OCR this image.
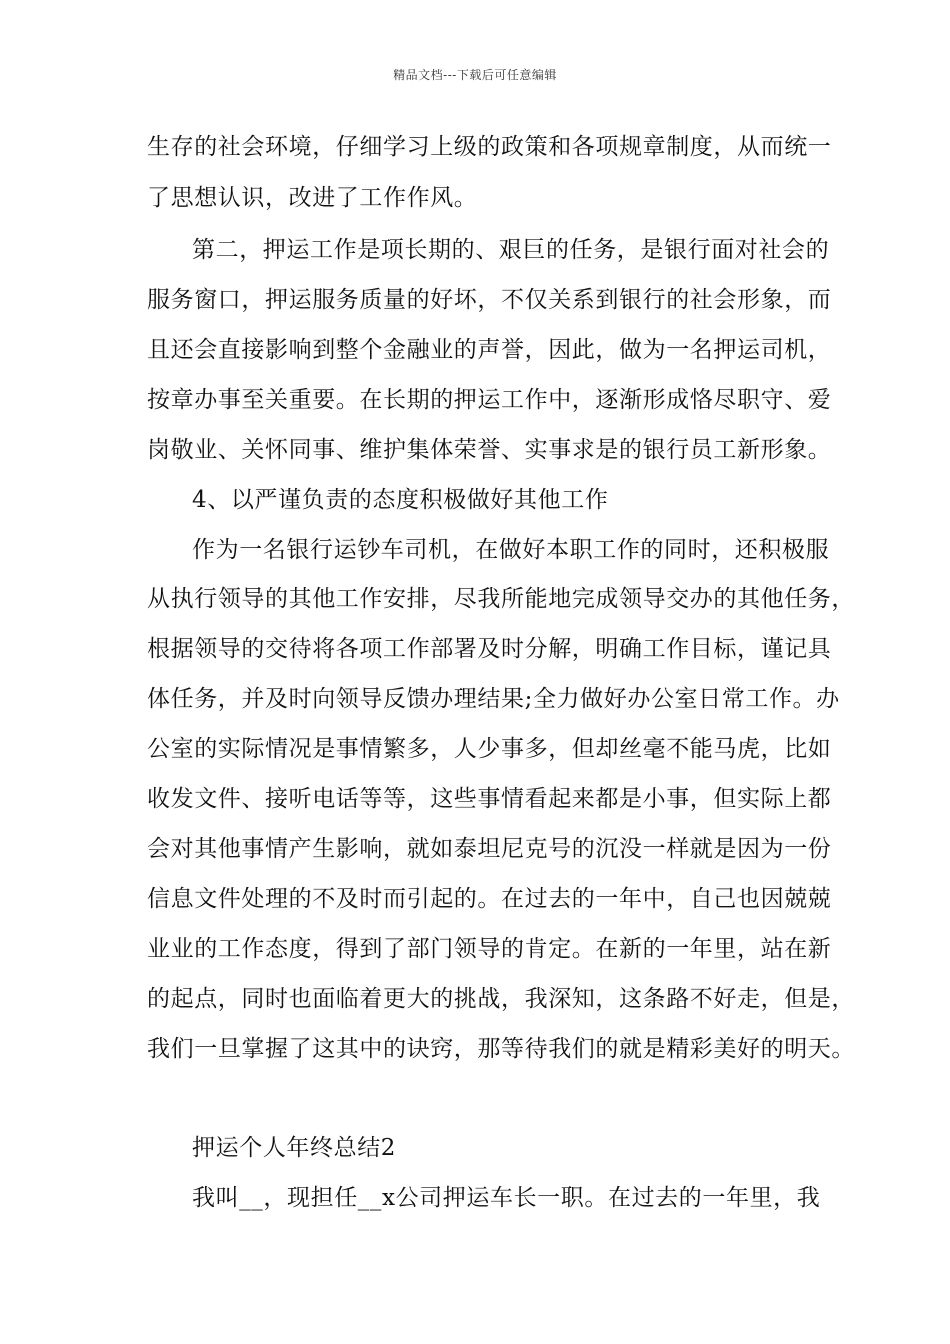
精品文档---下载后可任意编辑
生存的社会环境，仔细学习上级的政策和各项规章制度，从而统一
了思想认识，改进了工作作风。
第二，押运工作是项长期的、艰巨的任务，是银行面对社会的
服务窗口，押运服务质量的好坏，不仅关系到银行的社会形象，而
且还会直接影响到整个金融业的声誉，因此，做为一名押运司机，
按章办事至关重要。在长期的押运工作中，逐渐形成恪尽职守、爱
岗敬业、关怀同事、维护集体荣誉、实事求是的银行员工新形象。
4、以严谨负责的态度积极做好其他工作
作为一名银行运钞车司机，在做好本职工作的同时，还积极服
从执行领导的其他工作安排，尽我所能地完成领导交办的其他任务，
根据领导的交待将各项工作部署及时分解，明确工作目标，谨记具
体任务，并及时向领导反馈办理结果;全力做好办公室日常工作。办
公室的实际情况是事情繁多，人少事多，但却丝毫不能马虎，比如
收发文件、接听电话等等，这些事情看起来都是小事，但实际上都
会对其他事情产生影响，就如泰坦尼克号的沉没一样就是因为一份
信息文件处理的不及时而引起的。在过去的一年中，自己也因兢兢
业业的工作态度，得到了部门领导的肯定。在新的一年里，站在新
的起点，同时也面临着更大的挑战，我深知，这条路不好走，但是，
我们一旦掌握了这其中的诀窍，那等待我们的就是精彩美好的明天。
押运个人年终总结2
我叫__，现担任__x公司押运车长一职。在过去的一年里，我
